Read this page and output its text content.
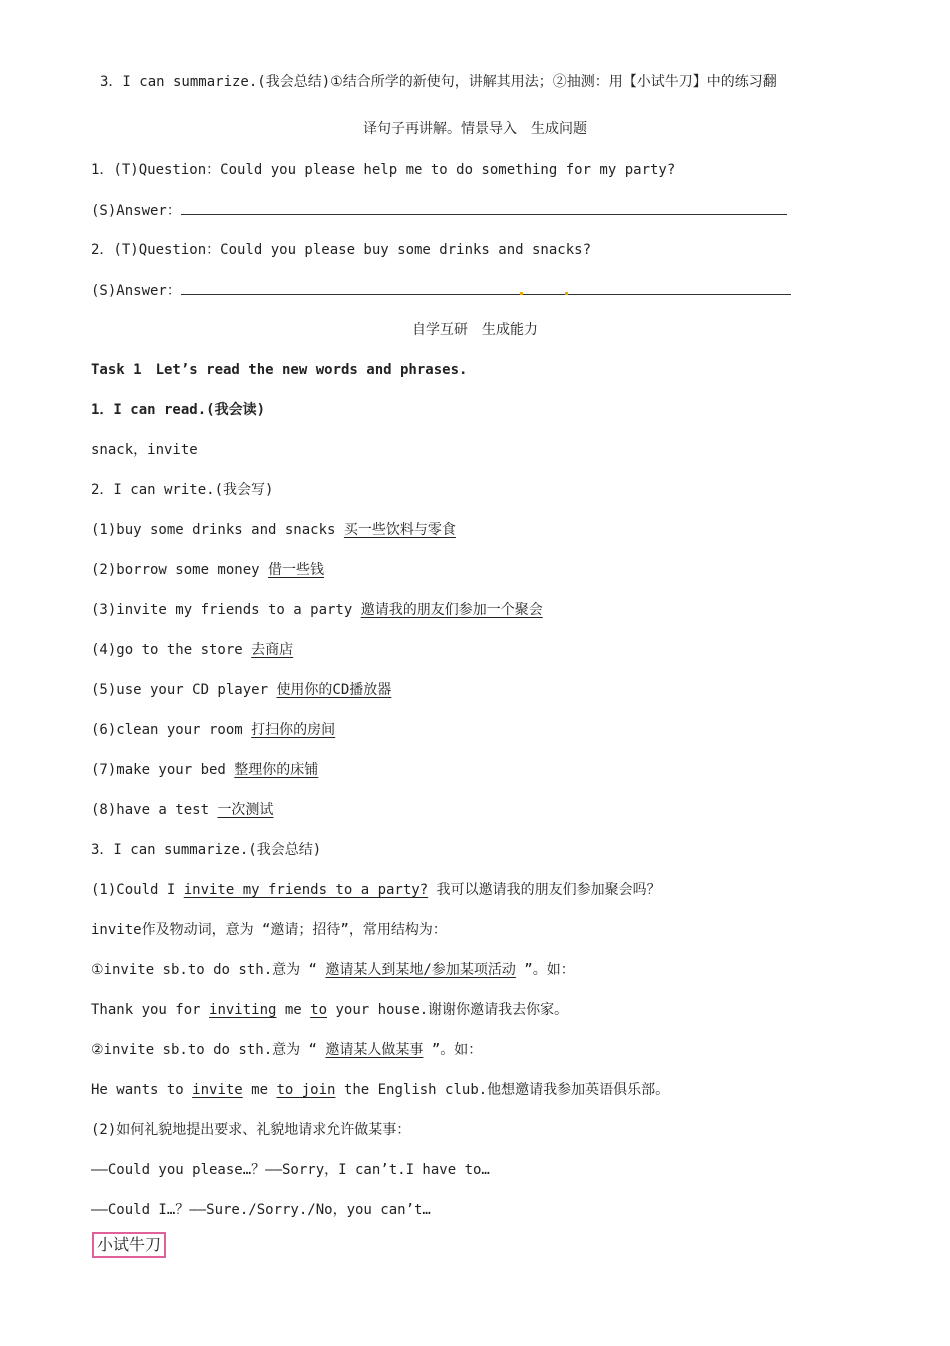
3．I can summarize.(我会总结)①结合所学的新使句，讲解其用法；②抽测：用【小试牛刀】中的练习翻
译句子再讲解。情景导入　生成问题
1．(T)Question：Could you please help me to do something for my party?
(S)Answer：
2．(T)Question：Could you please buy some drinks and snacks?
(S)Answer：
自学互研　生成能力
Task 1　Let’s read the new words and phrases.
1．I can read.(我会读)
snack，invite
2．I can write.(我会写)
(1)buy some drinks and snacks 买一些饮料与零食
(2)borrow some money 借一些钱
(3)invite my friends to a party 邀请我的朋友们参加一个聚会
(4)go to the store 去商店
(5)use your CD player 使用你的CD播放器
(6)clean your room 打扫你的房间
(7)make your bed 整理你的床铺
(8)have a test 一次测试
3．I can summarize.(我会总结)
(1)Could I invite my friends to a party? 我可以邀请我的朋友们参加聚会吗？
invite作及物动词，意为 “邀请；招待”，常用结构为：
①invite sb.to do sth.意为 “ 邀请某人到某地/参加某项活动 ”。如：
Thank you for inviting me to your house.谢谢你邀请我去你家。
②invite sb.to do sth.意为 “ 邀请某人做某事 ”。如：
He wants to invite me to join the English club.他想邀请我参加英语俱乐部。
(2)如何礼貌地提出要求、礼貌地请求允许做某事：
——Could you please…？——Sorry，I can’t.I have to…
——Could I…？——Sure./Sorry./No，you can’t…
小试牛刀
